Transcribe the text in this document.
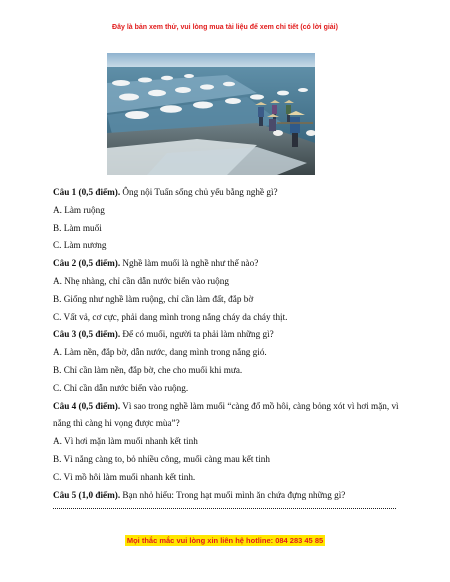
Đây là bản xem thử, vui lòng mua tài liệu để xem chi tiết (có lời giải)
Câu 1 (0,5 điểm). Ông nội Tuấn sống chủ yếu bằng nghề gì?
A. Làm ruộng
B. Làm muối
C. Làm nương
Câu 2 (0,5 điểm). Nghề làm muối là nghề như thế nào?
A. Nhẹ nhàng, chỉ cần dẫn nước biển vào ruộng
B. Giống như nghề làm ruộng, chỉ cần làm đất, đắp bờ
C. Vất vả, cơ cực, phải dang mình trong nắng cháy da cháy thịt.
Câu 3 (0,5 điểm). Để có muối, người ta phải làm những gì?
A. Làm nền, đắp bờ, dẫn nước, dang mình trong nắng gió.
B. Chỉ cần làm nền, đắp bờ, che cho muối khi mưa.
C. Chỉ cần dẫn nước biển vào ruộng.
Câu 4 (0,5 điểm). Vì sao trong nghề làm muối “càng đổ mồ hôi, càng bỏng xót vì hơi mặn, vì nắng thì càng hi vọng được mùa”?
A. Vì hơi mặn làm muối nhanh kết tinh
B. Vì nắng càng to, bỏ nhiều công, muối càng mau kết tinh
C. Vì mồ hôi làm muối nhanh kết tinh.
Câu 5 (1,0 điểm). Bạn nhỏ hiểu: Trong hạt muối mình ăn chứa đựng những gì?
Mọi thắc mắc vui lòng xin liên hệ hotline: 084 283 45 85
